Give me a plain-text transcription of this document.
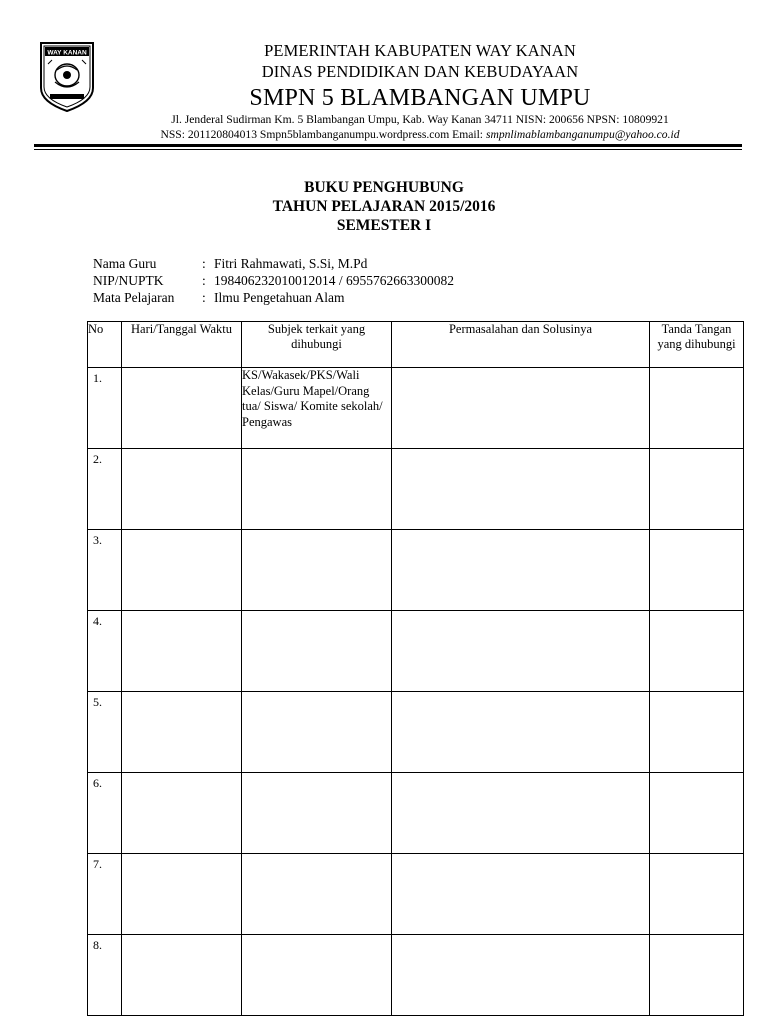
WAY KANAN	PEMERINTAH KABUPATEN WAY KANAN
DINAS PENDIDIKAN DAN KEBUDAYAAN
SMPN 5 BLAMBANGAN UMPU
Jl. Jenderal Sudirman Km. 5 Blambangan Umpu, Kab. Way Kanan 34711 NISN: 200656 NPSN: 10809921
NSS: 201120804013 Smpn5blambanganumpu.wordpress.com Email: smpnlimablambanganumpu@yahoo.co.id
BUKU PENGHUBUNG
TAHUN PELAJARAN 2015/2016
SEMESTER I
Nama Guru	: Fitri Rahmawati, S.Si, M.Pd
NIP/NUPTK	: 198406232010012014 / 6955762663300082
Mata Pelajaran	: Ilmu Pengetahuan Alam
No	Hari/Tanggal Waktu	Subjek terkait yang dihubungi	Permasalahan dan Solusinya	Tanda Tangan yang dihubungi
1.		KS/Wakasek/PKS/Wali Kelas/Guru Mapel/Orang tua/ Siswa/ Komite sekolah/ Pengawas		
2.				
3.				
4.				
5.				
6.				
7.				
8.				
